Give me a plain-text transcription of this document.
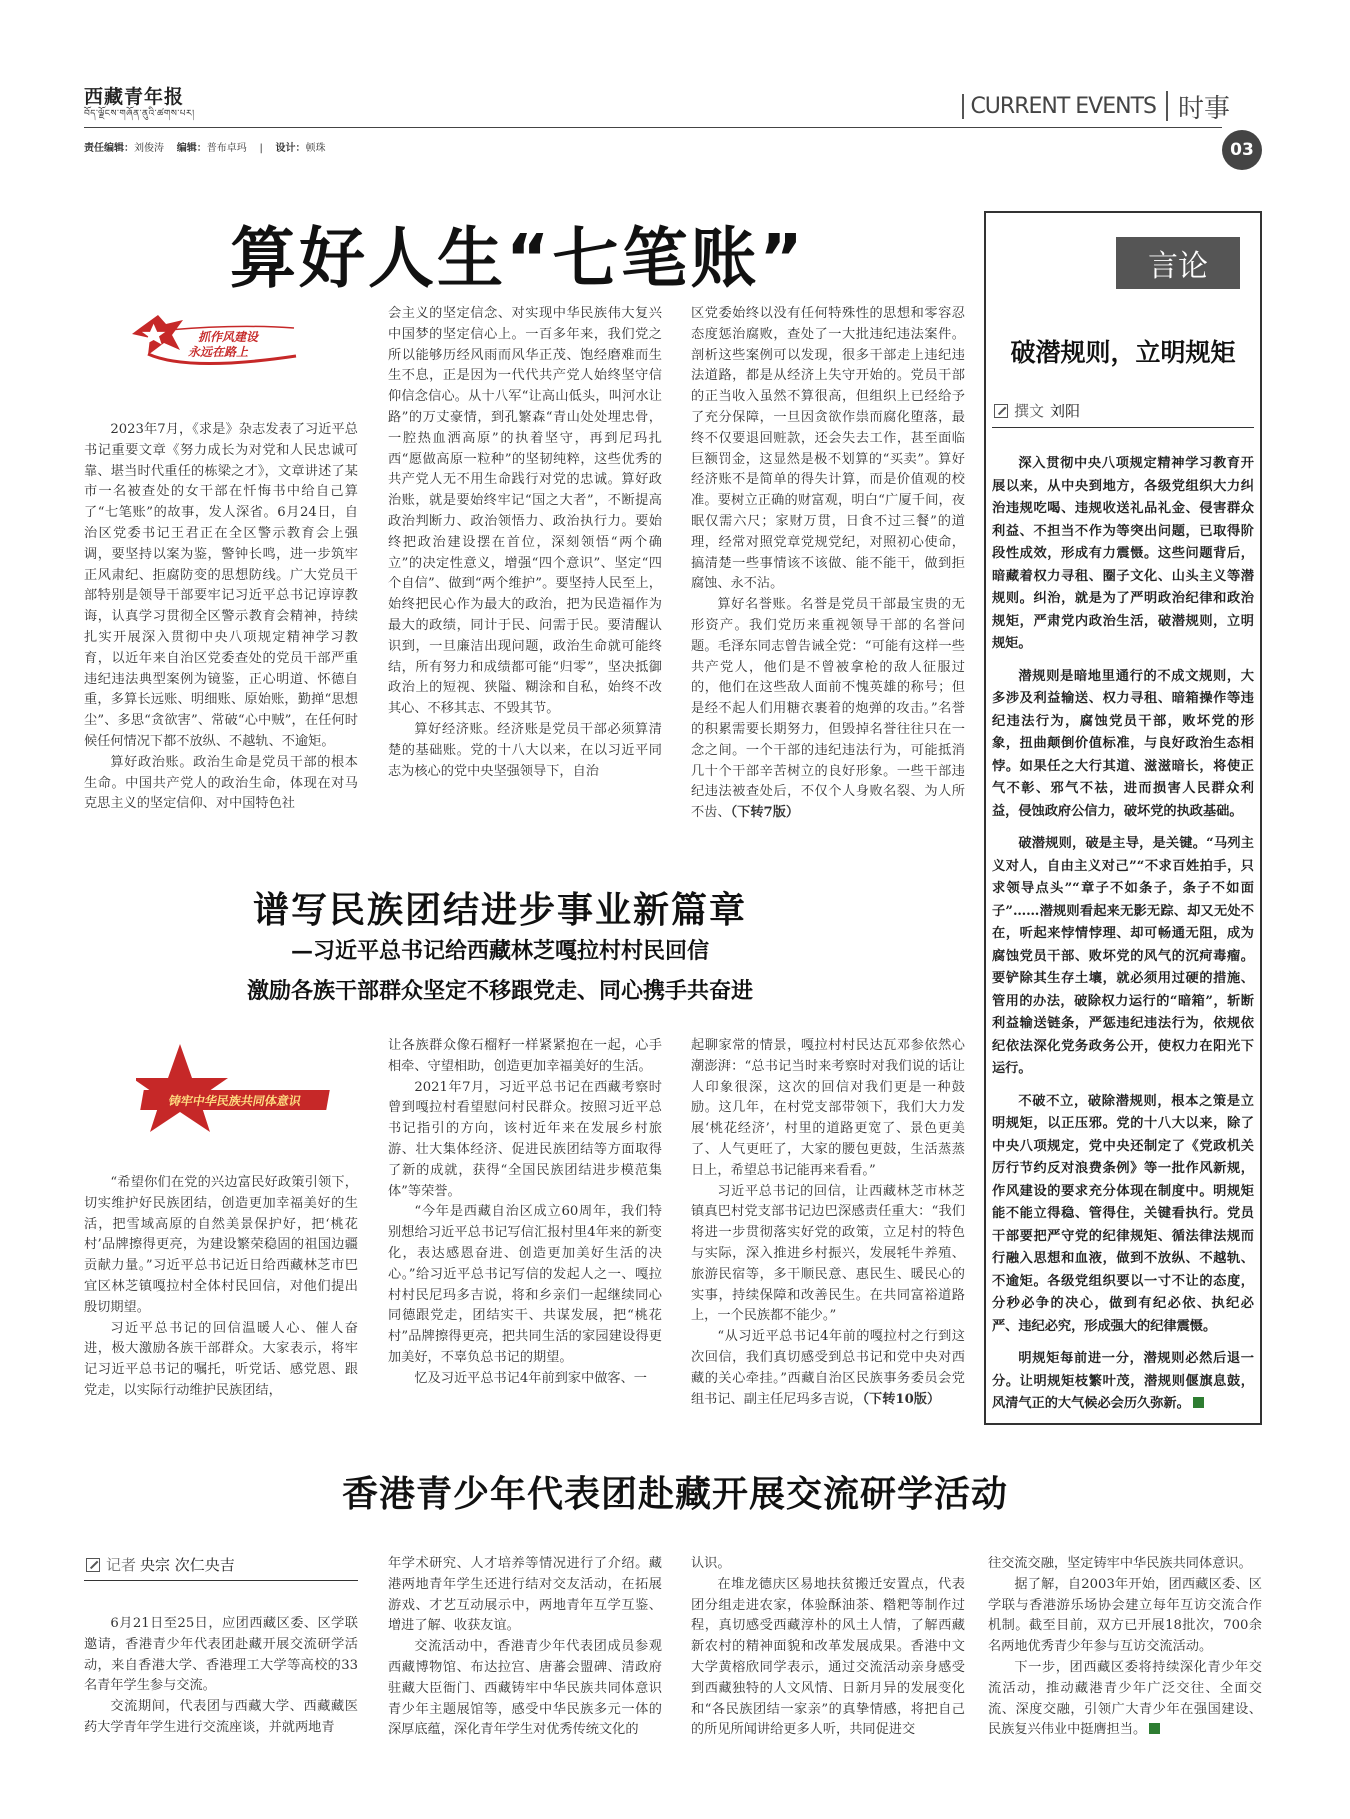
西藏青年报
བོད་ལྗོངས་གཞོན་ནུའི་ཚགས་པར།	CURRENT EVENTS 时事
责任编辑：刘俊涛 编辑：普布卓玛 | 设计：顿珠	03
算好人生“七笔账”
抓作风建设
永远在路上

2023年7月，《求是》杂志发表了习近平总书记重要文章《努力成长为对党和人民忠诚可靠、堪当时代重任的栋梁之才》，文章讲述了某市一名被查处的女干部在忏悔书中给自己算了“七笔账”的故事，发人深省。6月24日，自治区党委书记王君正在全区警示教育会上强调，要坚持以案为鉴，警钟长鸣，进一步筑牢正风肃纪、拒腐防变的思想防线。广大党员干部特别是领导干部要牢记习近平总书记谆谆教诲，认真学习贯彻全区警示教育会精神，持续扎实开展深入贯彻中央八项规定精神学习教育，以近年来自治区党委查处的党员干部严重违纪违法典型案例为镜鉴，正心明道、怀德自重，多算长远账、明细账、原始账，勤掸“思想尘”、多思“贪欲害”、常破“心中贼”，在任何时候任何情况下都不放纵、不越轨、不逾矩。

算好政治账。政治生命是党员干部的根本生命。中国共产党人的政治生命，体现在对马克思主义的坚定信仰、对中国特色社

会主义的坚定信念、对实现中华民族伟大复兴中国梦的坚定信心上。一百多年来，我们党之所以能够历经风雨而风华正茂、饱经磨难而生生不息，正是因为一代代共产党人始终坚守信仰信念信心。从十八军“让高山低头，叫河水让路”的万丈豪情，到孔繁森“青山处处埋忠骨，一腔热血洒高原”的执着坚守，再到尼玛扎西“愿做高原一粒种”的坚韧纯粹，这些优秀的共产党人无不用生命践行对党的忠诚。算好政治账，就是要始终牢记“国之大者”，不断提高政治判断力、政治领悟力、政治执行力。要始终把政治建设摆在首位，深刻领悟“两个确立”的决定性意义，增强“四个意识”、坚定“四个自信”、做到“两个维护”。要坚持人民至上，始终把民心作为最大的政治，把为民造福作为最大的政绩，同计于民、问需于民。要清醒认识到，一旦廉洁出现问题，政治生命就可能终结，所有努力和成绩都可能“归零”，坚决抵御政治上的短视、狭隘、糊涂和自私，始终不改其心、不移其志、不毁其节。

算好经济账。经济账是党员干部必须算清楚的基础账。党的十八大以来，在以习近平同志为核心的党中央坚强领导下，自治

区党委始终以没有任何特殊性的思想和零容忍态度惩治腐败，查处了一大批违纪违法案件。剖析这些案例可以发现，很多干部走上违纪违法道路，都是从经济上失守开始的。党员干部的正当收入虽然不算很高，但组织上已经给予了充分保障，一旦因贪欲作祟而腐化堕落，最终不仅要退回赃款，还会失去工作，甚至面临巨额罚金，这显然是极不划算的“买卖”。算好经济账不是简单的得失计算，而是价值观的校准。要树立正确的财富观，明白“广厦千间，夜眠仅需六尺；家财万贯，日食不过三餐”的道理，经常对照党章党规党纪，对照初心使命，搞清楚一些事情该不该做、能不能干，做到拒腐蚀、永不沾。

算好名誉账。名誉是党员干部最宝贵的无形资产。我们党历来重视领导干部的名誉问题。毛泽东同志曾告诫全党：“可能有这样一些共产党人，他们是不曾被拿枪的敌人征服过的，他们在这些敌人面前不愧英雄的称号；但是经不起人们用糖衣裹着的炮弹的攻击。”名誉的积累需要长期努力，但毁掉名誉往往只在一念之间。一个干部的违纪违法行为，可能抵消几十个干部辛苦树立的良好形象。一些干部违纪违法被查处后，不仅个人身败名裂、为人所不齿、（下转7版）

谱写民族团结进步事业新篇章
—习近平总书记给西藏林芝嘎拉村村民回信
激励各族干部群众坚定不移跟党走、同心携手共奋进
铸牢中华民族共同体意识

“希望你们在党的兴边富民好政策引领下，切实维护好民族团结，创造更加幸福美好的生活，把雪域高原的自然美景保护好，把‘桃花村’品牌擦得更亮，为建设繁荣稳固的祖国边疆贡献力量。”习近平总书记近日给西藏林芝市巴宜区林芝镇嘎拉村全体村民回信，对他们提出殷切期望。

习近平总书记的回信温暖人心、催人奋进，极大激励各族干部群众。大家表示，将牢记习近平总书记的嘱托，听党话、感党恩、跟党走，以实际行动维护民族团结，

让各族群众像石榴籽一样紧紧抱在一起，心手相牵、守望相助，创造更加幸福美好的生活。

2021年7月，习近平总书记在西藏考察时曾到嘎拉村看望慰问村民群众。按照习近平总书记指引的方向，该村近年来在发展乡村旅游、壮大集体经济、促进民族团结等方面取得了新的成就，获得“全国民族团结进步模范集体”等荣誉。

“今年是西藏自治区成立60周年，我们特别想给习近平总书记写信汇报村里4年来的新变化，表达感恩奋进、创造更加美好生活的决心。”给习近平总书记写信的发起人之一、嘎拉村村民尼玛多吉说，将和乡亲们一起继续同心同德跟党走，团结实干、共谋发展，把“桃花村”品牌擦得更亮，把共同生活的家园建设得更加美好，不辜负总书记的期望。

忆及习近平总书记4年前到家中做客、一

起聊家常的情景，嘎拉村村民达瓦邓参依然心潮澎湃：“总书记当时来考察时对我们说的话让人印象很深，这次的回信对我们更是一种鼓励。这几年，在村党支部带领下，我们大力发展‘桃花经济’，村里的道路更宽了、景色更美了、人气更旺了，大家的腰包更鼓，生活蒸蒸日上，希望总书记能再来看看。”

习近平总书记的回信，让西藏林芝市林芝镇真巴村党支部书记边巴深感责任重大：“我们将进一步贯彻落实好党的政策，立足村的特色与实际，深入推进乡村振兴，发展牦牛养殖、旅游民宿等，多干顺民意、惠民生、暖民心的实事，持续保障和改善民生。在共同富裕道路上，一个民族都不能少。”

“从习近平总书记4年前的嘎拉村之行到这次回信，我们真切感受到总书记和党中央对西藏的关心牵挂。”西藏自治区民族事务委员会党组书记、副主任尼玛多吉说，（下转10版）

言论
破潜规则，立明规矩
撰文 刘阳

深入贯彻中央八项规定精神学习教育开展以来，从中央到地方，各级党组织大力纠治违规吃喝、违规收送礼品礼金、侵害群众利益、不担当不作为等突出问题，已取得阶段性成效，形成有力震慑。这些问题背后，暗藏着权力寻租、圈子文化、山头主义等潜规则。纠治，就是为了严明政治纪律和政治规矩，严肃党内政治生活，破潜规则，立明规矩。

潜规则是暗地里通行的不成文规则，大多涉及利益输送、权力寻租、暗箱操作等违纪违法行为，腐蚀党员干部，败坏党的形象，扭曲颠倒价值标准，与良好政治生态相悖。如果任之大行其道、滋滋暗长，将使正气不彰、邪气不祛，进而损害人民群众利益，侵蚀政府公信力，破坏党的执政基础。

破潜规则，破是主导，是关键。“马列主义对人，自由主义对己”“不求百姓拍手，只求领导点头”“章子不如条子，条子不如面子”……潜规则看起来无影无踪、却又无处不在，听起来悖情悖理、却可畅通无阻，成为腐蚀党员干部、败坏党的风气的沉疴毒瘤。要铲除其生存土壤，就必须用过硬的措施、管用的办法，破除权力运行的“暗箱”，斩断利益输送链条，严惩违纪违法行为，依规依纪依法深化党务政务公开，使权力在阳光下运行。

不破不立，破除潜规则，根本之策是立明规矩，以正压邪。党的十八大以来，除了中央八项规定，党中央还制定了《党政机关厉行节约反对浪费条例》等一批作风新规，作风建设的要求充分体现在制度中。明规矩能不能立得稳、管得住，关键看执行。党员干部要把严守党的纪律规矩、循法律法规而行融入思想和血液，做到不放纵、不越轨、不逾矩。各级党组织要以一寸不让的态度，分秒必争的决心，做到有纪必依、执纪必严、违纪必究，形成强大的纪律震慑。

明规矩每前进一分，潜规则必然后退一分。让明规矩枝繁叶茂，潜规则偃旗息鼓，风清气正的大气候必会历久弥新。

香港青少年代表团赴藏开展交流研学活动
记者 央宗 次仁央吉

6月21日至25日，应团西藏区委、区学联邀请，香港青少年代表团赴藏开展交流研学活动，来自香港大学、香港理工大学等高校的33名青年学生参与交流。

交流期间，代表团与西藏大学、西藏藏医药大学青年学生进行交流座谈，并就两地青

年学术研究、人才培养等情况进行了介绍。藏港两地青年学生还进行结对交友活动，在拓展游戏、才艺互动展示中，两地青年互学互鉴、增进了解、收获友谊。

交流活动中，香港青少年代表团成员参观西藏博物馆、布达拉宫、唐蕃会盟碑、清政府驻藏大臣衙门、西藏铸牢中华民族共同体意识青少年主题展馆等，感受中华民族多元一体的深厚底蕴，深化青年学生对优秀传统文化的

认识。

在堆龙德庆区易地扶贫搬迁安置点，代表团分组走进农家，体验酥油茶、糌粑等制作过程，真切感受西藏淳朴的风土人情，了解西藏新农村的精神面貌和改革发展成果。香港中文大学黄榕欣同学表示，通过交流活动亲身感受到西藏独特的人文风情、日新月异的发展变化和“各民族团结一家亲”的真挚情感，将把自己的所见所闻讲给更多人听，共同促进交

往交流交融，坚定铸牢中华民族共同体意识。

据了解，自2003年开始，团西藏区委、区学联与香港游乐场协会建立每年互访交流合作机制。截至目前，双方已开展18批次，700余名两地优秀青少年参与互访交流活动。

下一步，团西藏区委将持续深化青少年交流活动，推动藏港青少年广泛交往、全面交流、深度交融，引领广大青少年在强国建设、民族复兴伟业中挺膺担当。
